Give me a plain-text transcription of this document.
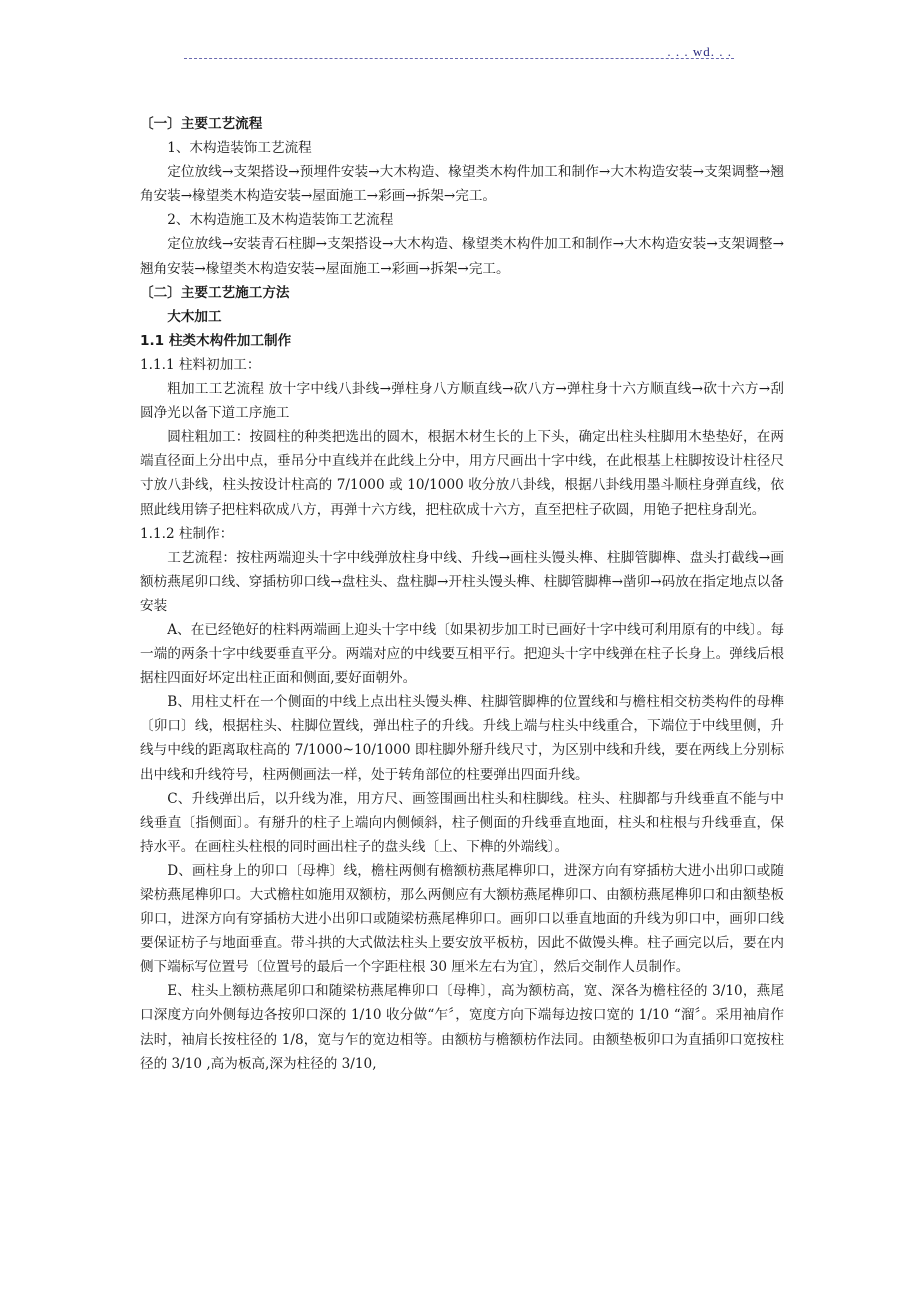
. . . wd. . .

〔一〕主要工艺流程

1、木构造装饰工艺流程

定位放线→支架搭设→预埋件安装→大木构造、椽望类木构件加工和制作→大木构造安装→支架调整→翘角安装→椽望类木构造安装→屋面施工→彩画→拆架→完工。

2、木构造施工及木构造装饰工艺流程

定位放线→安装青石柱脚→支架搭设→大木构造、椽望类木构件加工和制作→大木构造安装→支架调整→翘角安装→椽望类木构造安装→屋面施工→彩画→拆架→完工。

〔二〕主要工艺施工方法

大木加工

1.1 柱类木构件加工制作

1.1.1 柱料初加工：

粗加工工艺流程 放十字中线八卦线→弹柱身八方顺直线→砍八方→弹柱身十六方顺直线→砍十六方→刮圆净光以备下道工序施工

圆柱粗加工：按圆柱的种类把选出的圆木，根据木材生长的上下头，确定出柱头柱脚用木垫垫好，在两端直径面上分出中点，垂吊分中直线并在此线上分中，用方尺画出十字中线，在此根基上柱脚按设计柱径尺寸放八卦线，柱头按设计柱高的 7/1000 或 10/1000 收分放八卦线，根据八卦线用墨斗顺柱身弹直线，依照此线用锛子把柱料砍成八方，再弹十六方线，把柱砍成十六方，直至把柱子砍圆，用铯子把柱身刮光。

1.1.2 柱制作：

工艺流程：按柱两端迎头十字中线弹放柱身中线、升线→画柱头馒头榫、柱脚管脚榫、盘头打截线→画额枋燕尾卯口线、穿插枋卯口线→盘柱头、盘柱脚→开柱头馒头榫、柱脚管脚榫→凿卯→码放在指定地点以备安装

A、在已经铯好的柱料两端画上迎头十字中线〔如果初步加工时已画好十字中线可利用原有的中线〕。每一端的两条十字中线要垂直平分。两端对应的中线要互相平行。把迎头十字中线弹在柱子长身上。弹线后根据柱四面好坏定出柱正面和侧面,要好面朝外。

B、用柱丈杆在一个侧面的中线上点出柱头馒头榫、柱脚管脚榫的位置线和与檐柱相交枋类构件的母榫〔卯口〕线，根据柱头、柱脚位置线，弹出柱子的升线。升线上端与柱头中线重合，下端位于中线里侧，升线与中线的距离取柱高的 7/1000~10/1000 即柱脚外掰升线尺寸，为区别中线和升线，要在两线上分别标出中线和升线符号，柱两侧画法一样，处于转角部位的柱要弹出四面升线。

C、升线弹出后，以升线为准，用方尺、画签围画出柱头和柱脚线。柱头、柱脚都与升线垂直不能与中线垂直〔指侧面〕。有掰升的柱子上端向内侧倾斜，柱子侧面的升线垂直地面，柱头和柱根与升线垂直，保持水平。在画柱头柱根的同时画出柱子的盘头线〔上、下榫的外端线〕。

D、画柱身上的卯口〔母榫〕线，檐柱两侧有檐额枋燕尾榫卯口，进深方向有穿插枋大进小出卯口或随梁枋燕尾榫卯口。大式檐柱如施用双额枋，那么两侧应有大额枋燕尾榫卯口、由额枋燕尾榫卯口和由额垫板卯口，进深方向有穿插枋大进小出卯口或随梁枋燕尾榫卯口。画卯口以垂直地面的升线为卯口中，画卯口线要保证枋子与地面垂直。带斗拱的大式做法柱头上要安放平板枋，因此不做馒头榫。柱子画完以后，要在内侧下端标写位置号〔位置号的最后一个字距柱根 30 厘米左右为宜〕，然后交制作人员制作。

E、柱头上额枋燕尾卯口和随梁枋燕尾榫卯口〔母榫〕，高为额枋高，宽、深各为檐柱径的 3/10，燕尾口深度方向外侧每边各按卯口深的 1/10 收分做“乍〞，宽度方向下端每边按口宽的 1/10 “溜〞。采用袖肩作法时，袖肩长按柱径的 1/8，宽与乍的宽边相等。由额枋与檐额枋作法同。由额垫板卯口为直插卯口宽按柱径的 3/10 ,高为板高,深为柱径的 3/10,
